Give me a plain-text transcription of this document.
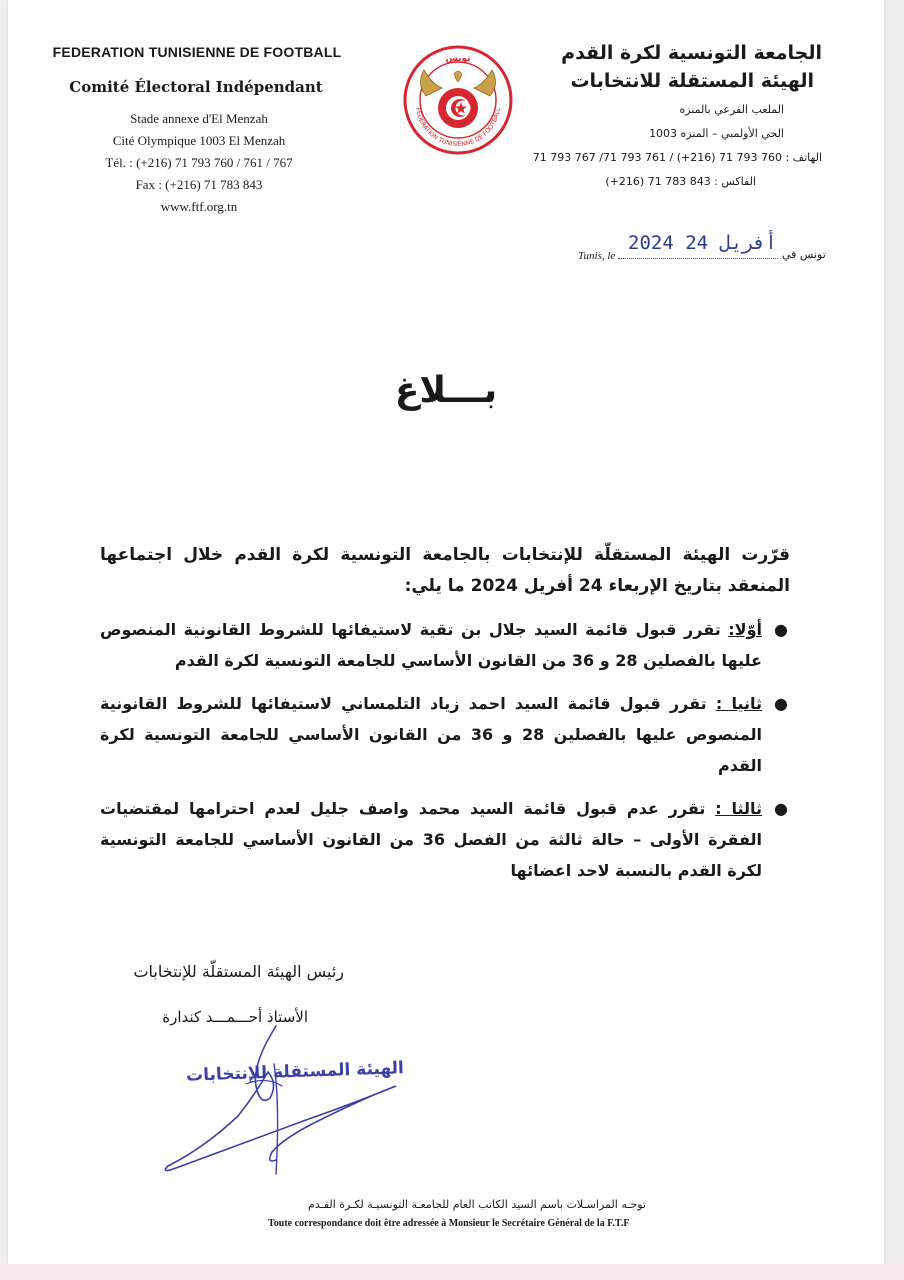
FEDERATION TUNISIENNE DE FOOTBALL
Comité Électoral Indépendant
Stade annexe d'El Menzah
Cité Olympique 1003 El Menzah
Tél. : (+216) 71 793 760 / 761 / 767
Fax : (+216) 71 783 843
www.ftf.org.tn
تونس
FEDERATION TUNISIENNE DE FOOTBALL
الجامعة التونسية لكرة القدم
الهيئة المستقلة للانتخابات
الملعب الفرعي بالمنزه
الحي الأولمبي – المنزه 1003
الهاتف : 760 793 71 (216+) / 761 793 71/ 767 793 71
الفاكس : 843 783 71 (216+)
Tunis, le
2024 أفريل 24
تونس في
بـــلاغ

قرّرت الهيئة المستقلّة للإنتخابات بالجامعة التونسية لكرة القدم خلال اجتماعها المنعقد بتاريخ الإربعاء 24 أفريل 2024 ما يلي:

●
أوّلا: تقرر قبول قائمة السيد جلال بن تقية لاستيفائها للشروط القانونية المنصوص عليها بالفصلين 28 و 36 من القانون الأساسي للجامعة التونسية لكرة القدم
●
ثانيا : تقرر قبول قائمة السيد احمد زياد التلمساني لاستيفائها للشروط القانونية المنصوص عليها بالفصلين 28 و 36 من القانون الأساسي للجامعة التونسية لكرة القدم
●
ثالثا : تقرر عدم قبول قائمة السيد محمد واصف جليل لعدم احترامها لمقتضيات الفقرة الأولى – حالة ثالثة من الفصل 36 من القانون الأساسي للجامعة التونسية لكرة القدم بالنسبة لاحد اعضائها
رئيس الهيئة المستقلّة للإنتخابات
الأستاذ أحـــمـــد كندارة
الهيئة المستقلة للإنتخابات
توجـه المراسـلات باسم السيد الكاتب العام للجامعـة التونسيـة لكـرة القـدم
Toute correspondance doit être adressée à Monsieur le Secrétaire Général de la F.T.F
